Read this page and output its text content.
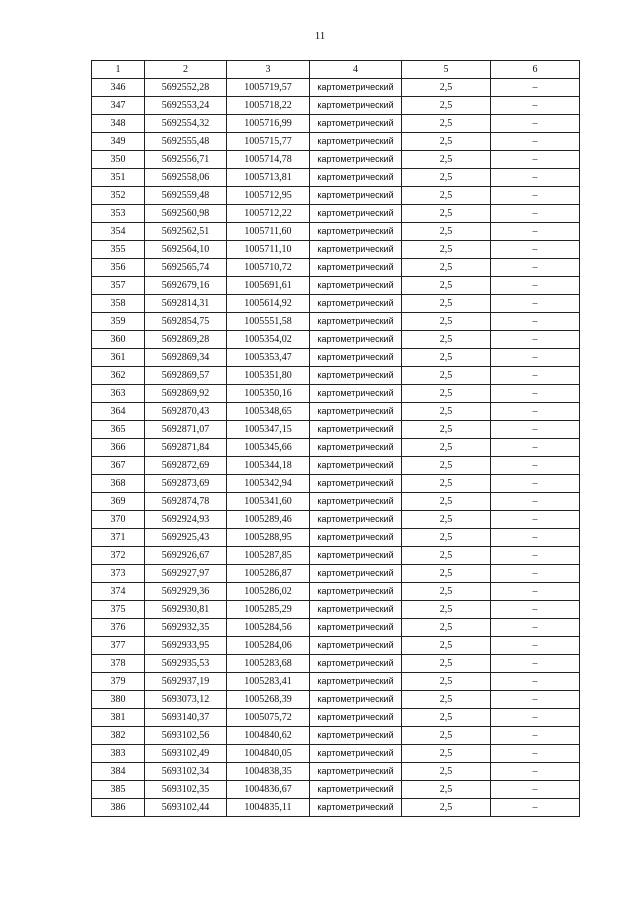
11
1	2	3	4	5	6
346	5692552,28	1005719,57	картометрический	2,5	–
347	5692553,24	1005718,22	картометрический	2,5	–
348	5692554,32	1005716,99	картометрический	2,5	–
349	5692555,48	1005715,77	картометрический	2,5	–
350	5692556,71	1005714,78	картометрический	2,5	–
351	5692558,06	1005713,81	картометрический	2,5	–
352	5692559,48	1005712,95	картометрический	2,5	–
353	5692560,98	1005712,22	картометрический	2,5	–
354	5692562,51	1005711,60	картометрический	2,5	–
355	5692564,10	1005711,10	картометрический	2,5	–
356	5692565,74	1005710,72	картометрический	2,5	–
357	5692679,16	1005691,61	картометрический	2,5	–
358	5692814,31	1005614,92	картометрический	2,5	–
359	5692854,75	1005551,58	картометрический	2,5	–
360	5692869,28	1005354,02	картометрический	2,5	–
361	5692869,34	1005353,47	картометрический	2,5	–
362	5692869,57	1005351,80	картометрический	2,5	–
363	5692869,92	1005350,16	картометрический	2,5	–
364	5692870,43	1005348,65	картометрический	2,5	–
365	5692871,07	1005347,15	картометрический	2,5	–
366	5692871,84	1005345,66	картометрический	2,5	–
367	5692872,69	1005344,18	картометрический	2,5	–
368	5692873,69	1005342,94	картометрический	2,5	–
369	5692874,78	1005341,60	картометрический	2,5	–
370	5692924,93	1005289,46	картометрический	2,5	–
371	5692925,43	1005288,95	картометрический	2,5	–
372	5692926,67	1005287,85	картометрический	2,5	–
373	5692927,97	1005286,87	картометрический	2,5	–
374	5692929,36	1005286,02	картометрический	2,5	–
375	5692930,81	1005285,29	картометрический	2,5	–
376	5692932,35	1005284,56	картометрический	2,5	–
377	5692933,95	1005284,06	картометрический	2,5	–
378	5692935,53	1005283,68	картометрический	2,5	–
379	5692937,19	1005283,41	картометрический	2,5	–
380	5693073,12	1005268,39	картометрический	2,5	–
381	5693140,37	1005075,72	картометрический	2,5	–
382	5693102,56	1004840,62	картометрический	2,5	–
383	5693102,49	1004840,05	картометрический	2,5	–
384	5693102,34	1004838,35	картометрический	2,5	–
385	5693102,35	1004836,67	картометрический	2,5	–
386	5693102,44	1004835,11	картометрический	2,5	–
